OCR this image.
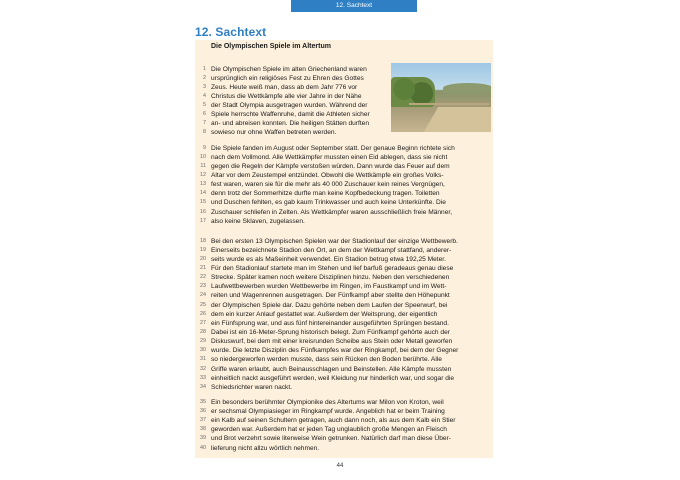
12. Sachtext
12. Sachtext
Die Olympischen Spiele im Altertum
1 Die Olympischen Spiele im alten Griechenland waren
2 ursprünglich ein religiöses Fest zu Ehren des Gottes
3 Zeus. Heute weiß man, dass ab dem Jahr 776 vor
4 Christus die Wettkämpfe alle vier Jahre in der Nähe
5 der Stadt Olympia ausgetragen wurden. Während der
6 Spiele herrschte Waffenruhe, damit die Athleten sicher
7 an- und abreisen konnten. Die heiligen Stätten durften
8 sowieso nur ohne Waffen betreten werden.
9 Die Spiele fanden im August oder September statt. Der genaue Beginn richtete sich
10 nach dem Vollmond. Alle Wettkämpfer mussten einen Eid ablegen, dass sie nicht
11 gegen die Regeln der Kämpfe verstoßen würden. Dann wurde das Feuer auf dem
12 Altar vor dem Zeustempel entzündet. Obwohl die Wettkämpfe ein großes Volks-
13 fest waren, waren sie für die mehr als 40 000 Zuschauer kein reines Vergnügen,
14 denn trotz der Sommerhitze durfte man keine Kopfbedeckung tragen. Toiletten
15 und Duschen fehlten, es gab kaum Trinkwasser und auch keine Unterkünfte. Die
16 Zuschauer schliefen in Zelten. Als Wettkämpfer waren ausschließlich freie Männer,
17 also keine Sklaven, zugelassen.
18 Bei den ersten 13 Olympischen Spielen war der Stadionlauf der einzige Wettbewerb.
19 Einerseits bezeichnete Stadion den Ort, an dem der Wettkampf stattfand, anderer-
20 seits wurde es als Maßeinheit verwendet. Ein Stadion betrug etwa 192,25 Meter.
21 Für den Stadionlauf startete man im Stehen und lief barfuß geradeaus genau diese
22 Strecke. Später kamen noch weitere Disziplinen hinzu. Neben den verschiedenen
23 Laufwettbewerben wurden Wettbewerbe im Ringen, im Faustkampf und im Wett-
24 reiten und Wagenrennen ausgetragen. Der Fünfkampf aber stellte den Höhepunkt
25 der Olympischen Spiele dar. Dazu gehörte neben dem Laufen der Speerwurf, bei
26 dem ein kurzer Anlauf gestattet war. Außerdem der Weitsprung, der eigentlich
27 ein Fünfsprung war, und aus fünf hintereinander ausgeführten Sprüngen bestand.
28 Dabei ist ein 16-Meter-Sprung historisch belegt. Zum Fünfkampf gehörte auch der
29 Diskuswurf, bei dem mit einer kreisrunden Scheibe aus Stein oder Metall geworfen
30 wurde. Die letzte Disziplin des Fünfkampfes war der Ringkampf, bei dem der Gegner
31 so niedergeworfen werden musste, dass sein Rücken den Boden berührte. Alle
32 Griffe waren erlaubt, auch Beinausschlagen und Beinstellen. Alle Kämpfe mussten
33 einheitlich nackt ausgeführt werden, weil Kleidung nur hinderlich war, und sogar die
34 Schiedsrichter waren nackt.
35 Ein besonders berühmter Olympionike des Altertums war Milon von Kroton, weil
36 er sechsmal Olympiasieger im Ringkampf wurde. Angeblich hat er beim Training
37 ein Kalb auf seinen Schultern getragen, auch dann noch, als aus dem Kalb ein Stier
38 geworden war. Außerdem hat er jeden Tag unglaublich große Mengen an Fleisch
39 und Brot verzehrt sowie literweise Wein getrunken. Natürlich darf man diese Über-
40 lieferung nicht allzu wörtlich nehmen.
44
